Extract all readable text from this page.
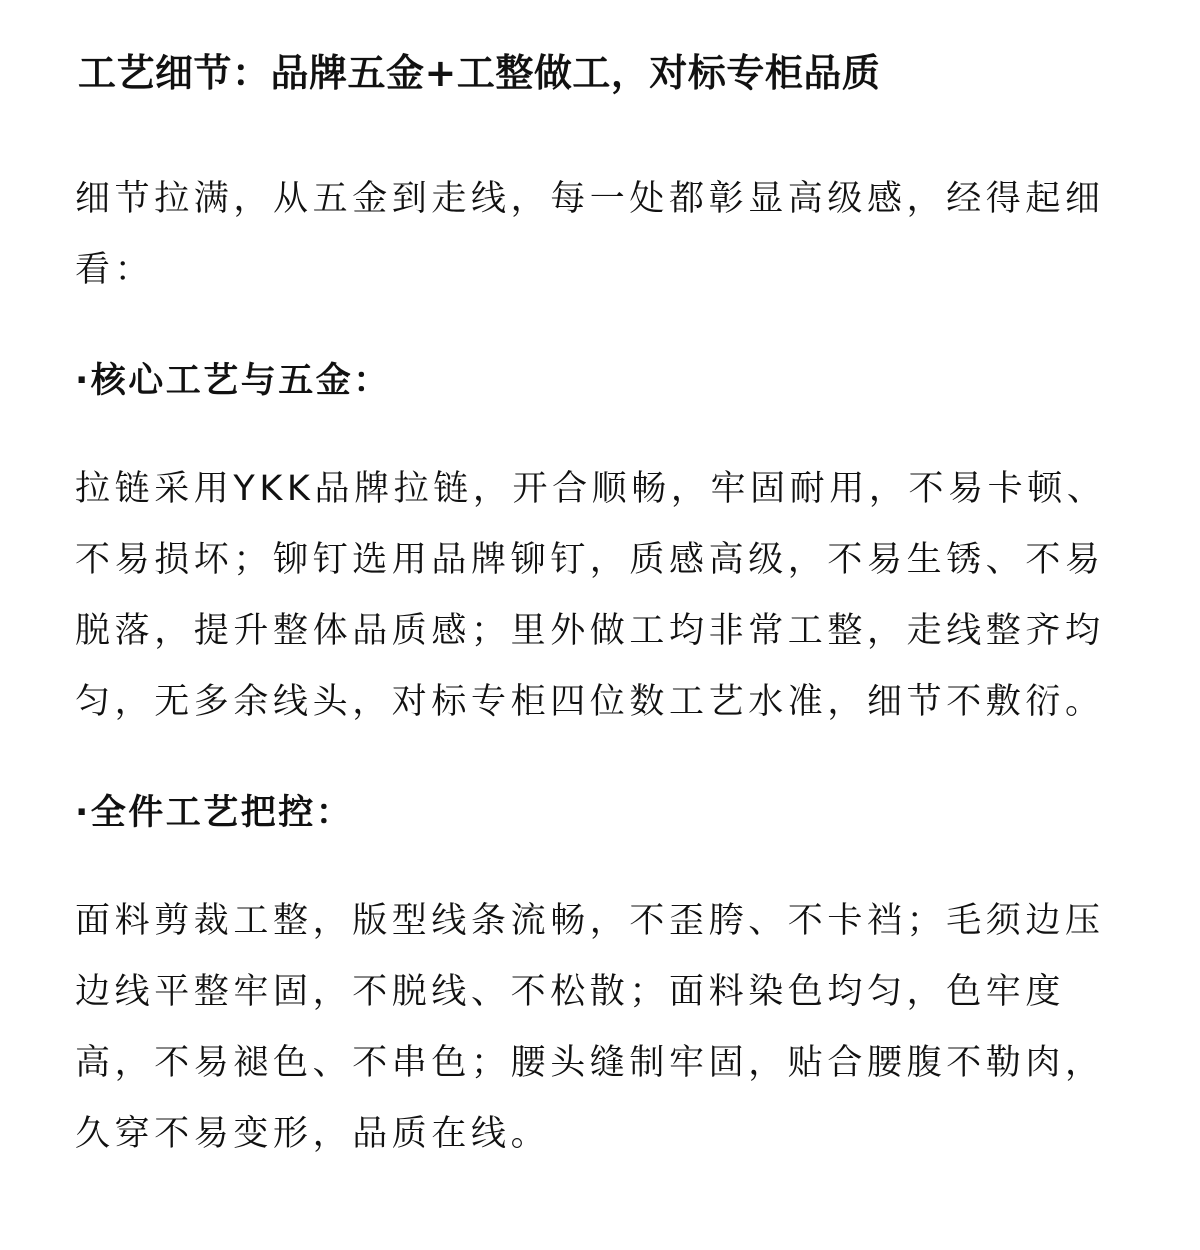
工艺细节：品牌五金+工整做工，对标专柜品质
细节拉满，从五金到走线，每一处都彰显高级感，经得起细看：
·核心工艺与五金：
拉链采用YKK品牌拉链，开合顺畅，牢固耐用，不易卡顿、不易损坏；铆钉选用品牌铆钉，质感高级，不易生锈、不易脱落，提升整体品质感；里外做工均非常工整，走线整齐均匀，无多余线头，对标专柜四位数工艺水准，细节不敷衍。
·全件工艺把控：
面料剪裁工整，版型线条流畅，不歪胯、不卡裆；毛须边压边线平整牢固，不脱线、不松散；面料染色均匀，色牢度高，不易褪色、不串色；腰头缝制牢固，贴合腰腹不勒肉，久穿不易变形，品质在线。
